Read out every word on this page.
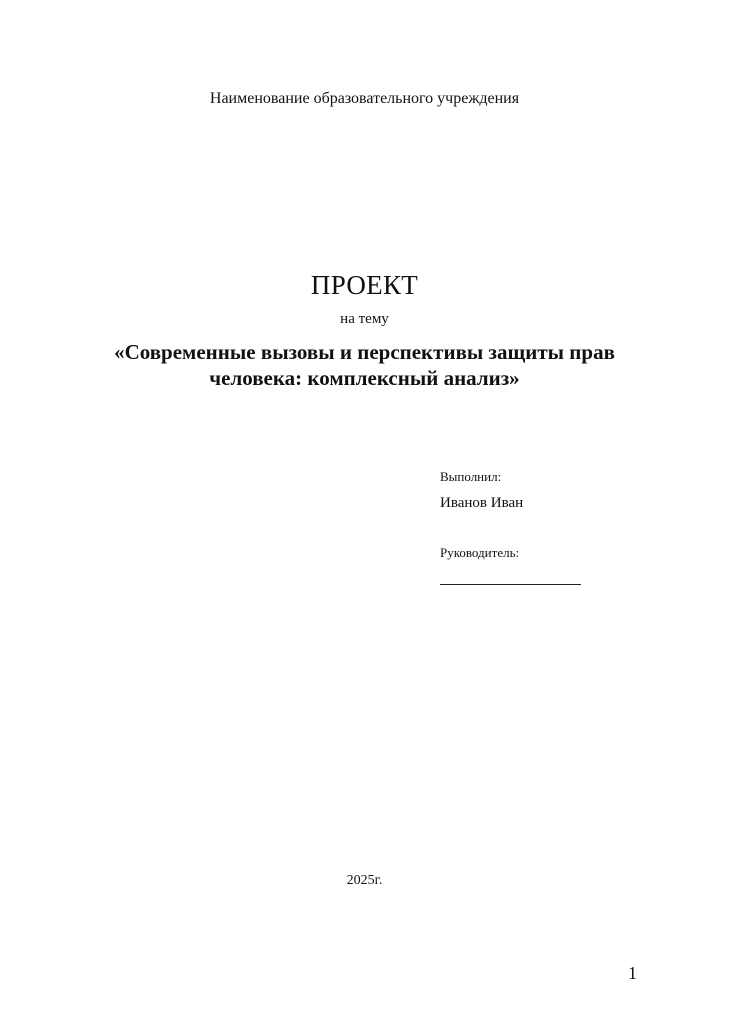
Наименование образовательного учреждения
ПРОЕКТ
на тему
«Современные вызовы и перспективы защиты прав
человека: комплексный анализ»
Выполнил:
Иванов Иван
Руководитель:
2025г.
1
